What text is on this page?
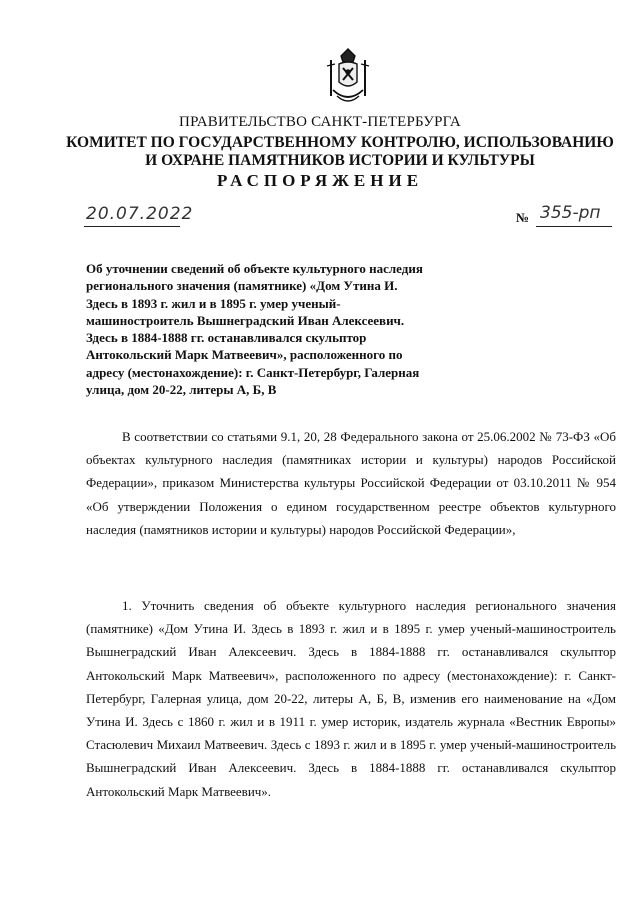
ПРАВИТЕЛЬСТВО САНКТ-ПЕТЕРБУРГА
КОМИТЕТ ПО ГОСУДАРСТВЕННОМУ КОНТРОЛЮ, ИСПОЛЬЗОВАНИЮ
И ОХРАНЕ ПАМЯТНИКОВ ИСТОРИИ И КУЛЬТУРЫ
РАСПОРЯЖЕНИЕ
20.07.2022	№ 355-рп
Об уточнении сведений об объекте культурного наследия регионального значения (памятнике) «Дом Утина И. Здесь в 1893 г. жил и в 1895 г. умер ученый-машиностроитель Вышнеградский Иван Алексеевич. Здесь в 1884-1888 гг. останавливался скульптор Антокольский Марк Матвеевич», расположенного по адресу (местонахождение): г. Санкт-Петербург, Галерная улица, дом 20-22, литеры А, Б, В
В соответствии со статьями 9.1, 20, 28 Федерального закона от 25.06.2002 № 73-ФЗ «Об объектах культурного наследия (памятниках истории и культуры) народов Российской Федерации», приказом Министерства культуры Российской Федерации от 03.10.2011 № 954 «Об утверждении Положения о едином государственном реестре объектов культурного наследия (памятников истории и культуры) народов Российской Федерации»,
1. Уточнить сведения об объекте культурного наследия регионального значения (памятнике) «Дом Утина И. Здесь в 1893 г. жил и в 1895 г. умер ученый-машиностроитель Вышнеградский Иван Алексеевич. Здесь в 1884-1888 гг. останавливался скульптор Антокольский Марк Матвеевич», расположенного по адресу (местонахождение): г. Санкт-Петербург, Галерная улица, дом 20-22, литеры А, Б, В, изменив его наименование на «Дом Утина И. Здесь с 1860 г. жил и в 1911 г. умер историк, издатель журнала «Вестник Европы» Стасюлевич Михаил Матвеевич. Здесь с 1893 г. жил и в 1895 г. умер ученый-машиностроитель Вышнеградский Иван Алексеевич. Здесь в 1884-1888 гг. останавливался скульптор Антокольский Марк Матвеевич».
